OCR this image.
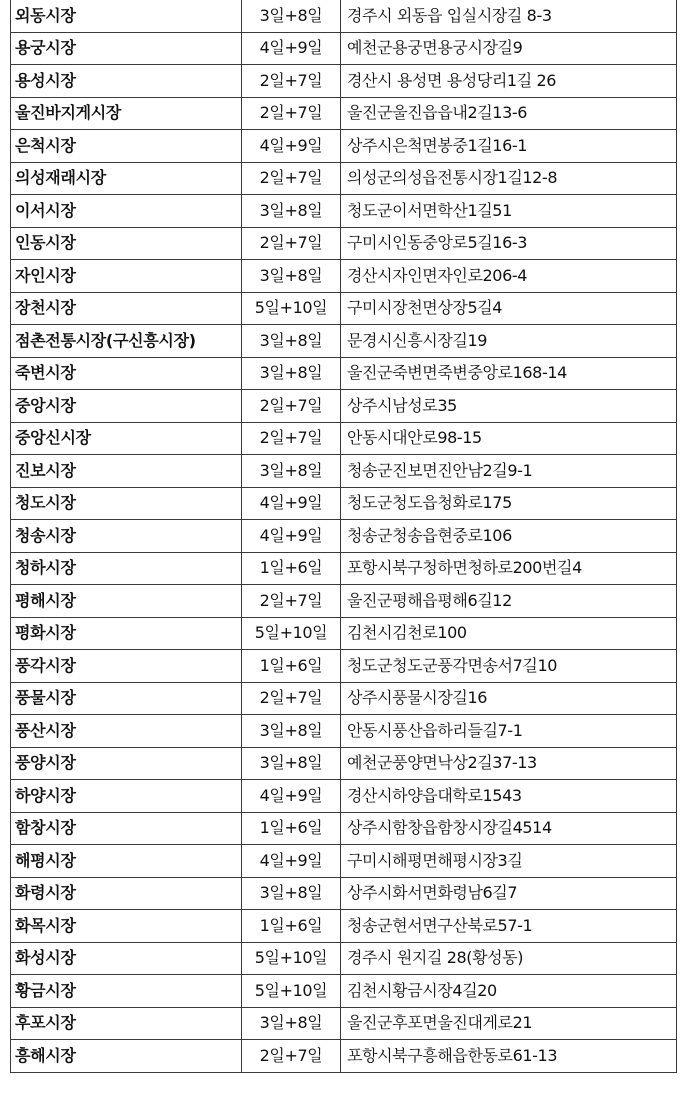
외동시장	3일+8일	경주시 외동읍 입실시장길 8-3
용궁시장	4일+9일	예천군용궁면용궁시장길9
용성시장	2일+7일	경산시 용성면 용성당리1길 26
울진바지게시장	2일+7일	울진군울진읍읍내2길13-6
은척시장	4일+9일	상주시은척면봉중1길16-1
의성재래시장	2일+7일	의성군의성읍전통시장1길12-8
이서시장	3일+8일	청도군이서면학산1길51
인동시장	2일+7일	구미시인동중앙로5길16-3
자인시장	3일+8일	경산시자인면자인로206-4
장천시장	5일+10일	구미시장천면상장5길4
점촌전통시장(구신흥시장)	3일+8일	문경시신흥시장길19
죽변시장	3일+8일	울진군죽변면죽변중앙로168-14
중앙시장	2일+7일	상주시남성로35
중앙신시장	2일+7일	안동시대안로98-15
진보시장	3일+8일	청송군진보면진안남2길9-1
청도시장	4일+9일	청도군청도읍청화로175
청송시장	4일+9일	청송군청송읍현중로106
청하시장	1일+6일	포항시북구청하면청하로200번길4
평해시장	2일+7일	울진군평해읍평해6길12
평화시장	5일+10일	김천시김천로100
풍각시장	1일+6일	청도군청도군풍각면송서7길10
풍물시장	2일+7일	상주시풍물시장길16
풍산시장	3일+8일	안동시풍산읍하리들길7-1
풍양시장	3일+8일	예천군풍양면낙상2길37-13
하양시장	4일+9일	경산시하양읍대학로1543
함창시장	1일+6일	상주시함창읍함창시장길4514
해평시장	4일+9일	구미시해평면해평시장3길
화령시장	3일+8일	상주시화서면화령남6길7
화목시장	1일+6일	청송군현서면구산북로57-1
화성시장	5일+10일	경주시 원지길 28(황성동)
황금시장	5일+10일	김천시황금시장4길20
후포시장	3일+8일	울진군후포면울진대게로21
흥해시장	2일+7일	포항시북구흥해읍한동로61-13
